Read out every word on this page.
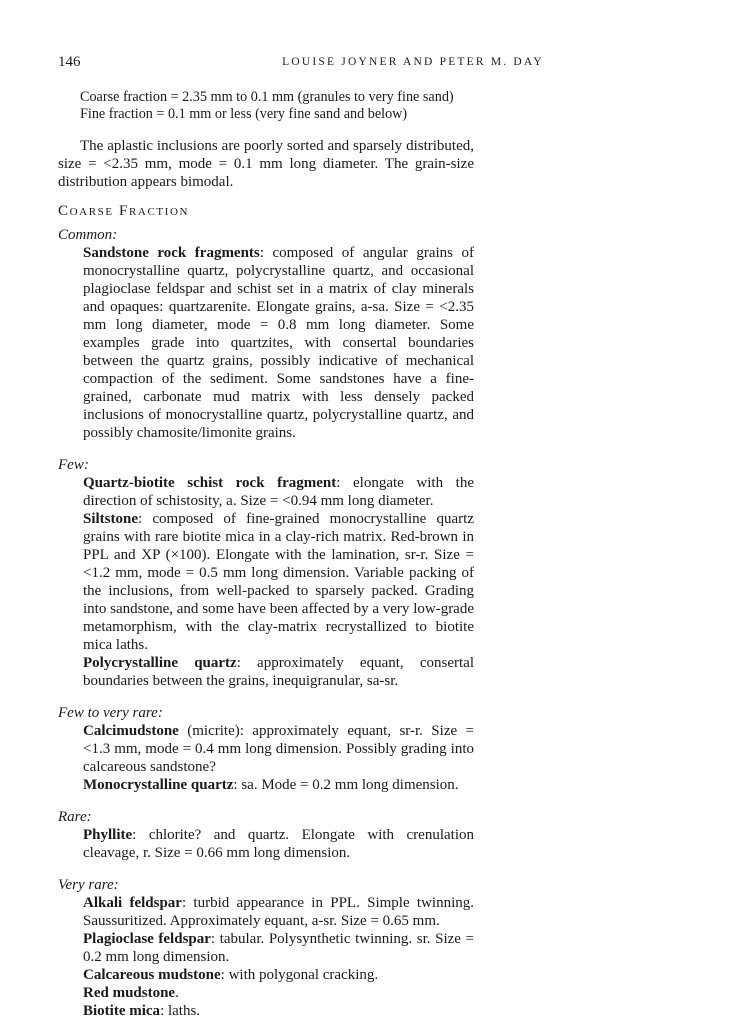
146	LOUISE JOYNER AND PETER M. DAY
Coarse fraction = 2.35 mm to 0.1 mm (granules to very fine sand)
Fine fraction = 0.1 mm or less (very fine sand and below)

The aplastic inclusions are poorly sorted and sparsely distributed, size = <2.35 mm, mode = 0.1 mm long diameter. The grain-size distribution appears bimodal.

Coarse Fraction
Common:
Sandstone rock fragments: composed of angular grains of monocrystalline quartz, polycrystalline quartz, and occasional plagioclase feldspar and schist set in a matrix of clay minerals and opaques: quartzarenite. Elongate grains, a-sa. Size = <2.35 mm long diameter, mode = 0.8 mm long diameter. Some examples grade into quartzites, with consertal boundaries between the quartz grains, possibly indicative of mechanical compaction of the sediment. Some sandstones have a fine-grained, carbonate mud matrix with less densely packed inclusions of monocrystalline quartz, polycrystalline quartz, and possibly chamosite/limonite grains.
Few:
Quartz-biotite schist rock fragment: elongate with the direction of schistosity, a. Size = <0.94 mm long diameter.
Siltstone: composed of fine-grained monocrystalline quartz grains with rare biotite mica in a clay-rich matrix. Red-brown in PPL and XP (×100). Elongate with the lamination, sr-r. Size = <1.2 mm, mode = 0.5 mm long dimension. Variable packing of the inclusions, from well-packed to sparsely packed. Grading into sandstone, and some have been affected by a very low-grade metamorphism, with the clay-matrix recrystallized to biotite mica laths.
Polycrystalline quartz: approximately equant, consertal boundaries between the grains, inequigranular, sa-sr.
Few to very rare:
Calcimudstone (micrite): approximately equant, sr-r. Size = <1.3 mm, mode = 0.4 mm long dimension. Possibly grading into calcareous sandstone?
Monocrystalline quartz: sa. Mode = 0.2 mm long dimension.
Rare:
Phyllite: chlorite? and quartz. Elongate with crenulation cleavage, r. Size = 0.66 mm long dimension.
Very rare:
Alkali feldspar: turbid appearance in PPL. Simple twinning. Saussuritized. Approximately equant, a-sr. Size = 0.65 mm.
Plagioclase feldspar: tabular. Polysynthetic twinning. sr. Size = 0.2 mm long dimension.
Calcareous mudstone: with polygonal cracking.
Red mudstone.
Biotite mica: laths.
